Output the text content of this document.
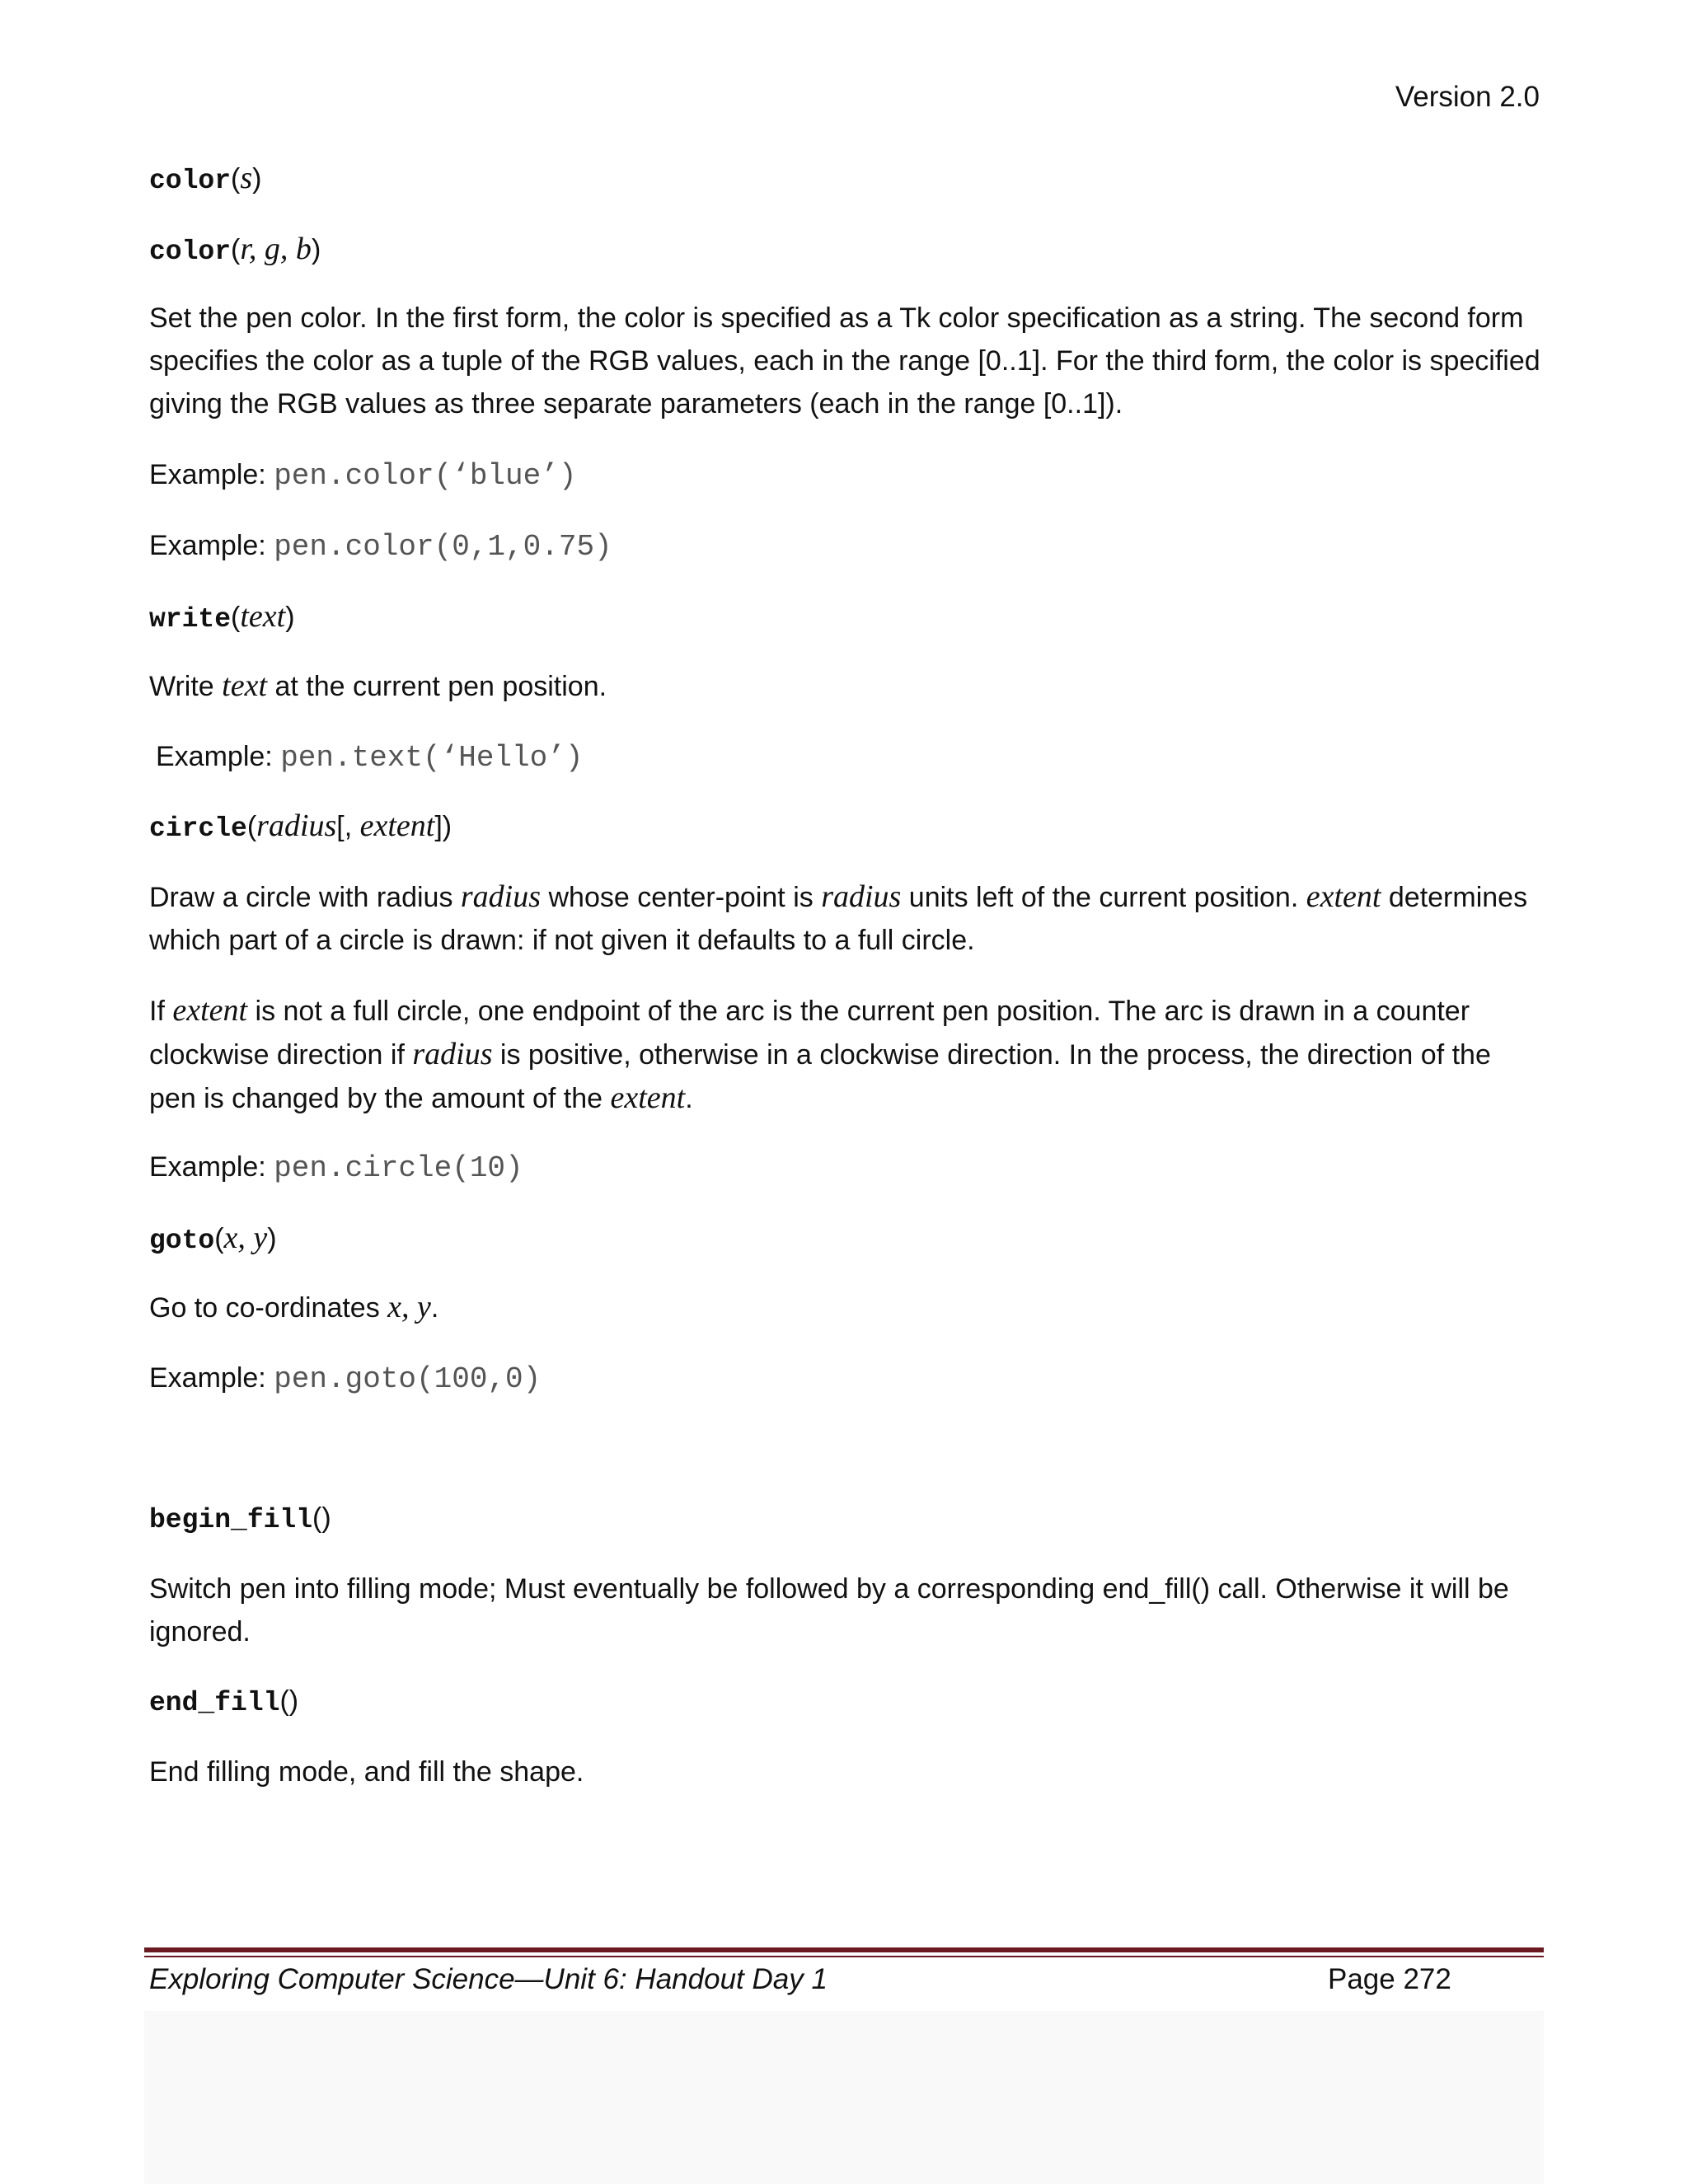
Version 2.0

color(s)

color(r, g, b)

Set the pen color. In the first form, the color is specified as a Tk color specification as a string. The second form specifies the color as a tuple of the RGB values, each in the range [0..1]. For the third form, the color is specified giving the RGB values as three separate parameters (each in the range [0..1]).

Example: pen.color(‘blue’)

Example: pen.color(0,1,0.75)

write(text)

Write text at the current pen position.

Example: pen.text(‘Hello’)

circle(radius[, extent])

Draw a circle with radius radius whose center-point is radius units left of the current position. extent determines which part of a circle is drawn: if not given it defaults to a full circle.

If extent is not a full circle, one endpoint of the arc is the current pen position. The arc is drawn in a counter clockwise direction if radius is positive, otherwise in a clockwise direction. In the process, the direction of the pen is changed by the amount of the extent.

Example: pen.circle(10)

goto(x, y)

Go to co-ordinates x, y.

Example: pen.goto(100,0)

begin_fill()

Switch pen into filling mode; Must eventually be followed by a corresponding end_fill() call. Otherwise it will be ignored.

end_fill()

End filling mode, and fill the shape.

Exploring Computer Science—Unit 6: Handout Day 1	Page 272
